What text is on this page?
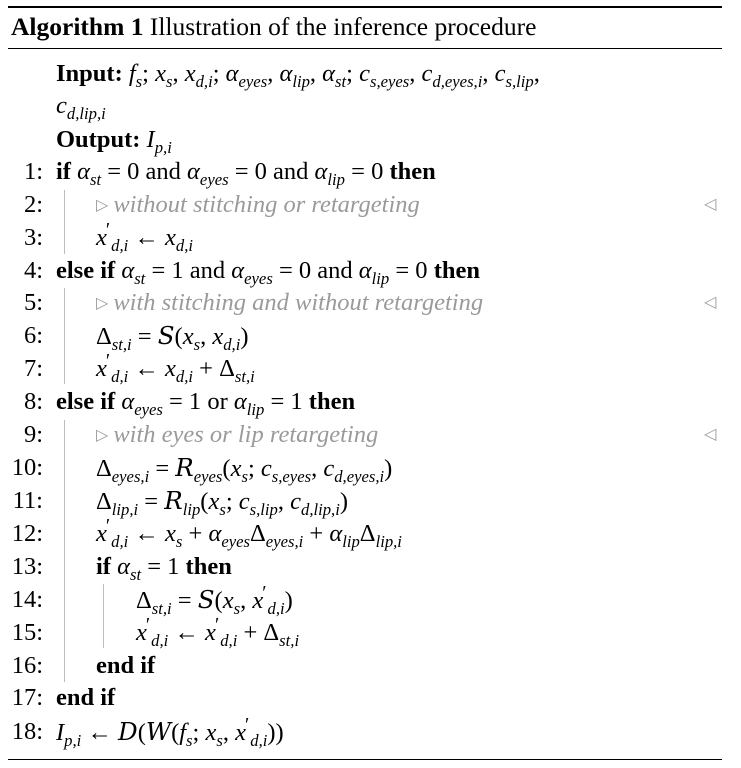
Algorithm 1 Illustration of the inference procedure
Input: $f_s$; $x_s$, $x_{d,i}$; $\alpha_{eyes}$, $\alpha_{lip}$, $\alpha_{st}$; $c_{s,eyes}$, $c_{d,eyes,i}$, $c_{s,lip}$,
$c_{d,lip,i}$
Output: $I_{p,i}$
1: if $\alpha_{st} = 0$ and $\alpha_{eyes} = 0$ and $\alpha_{lip} = 0$ then
2:	▷ without stitching or retargeting	◁
3: $x'_{d,i}$ ← $x_{d,i}$
4: else if $\alpha_{st} = 1$ and $\alpha_{eyes} = 0$ and $\alpha_{lip} = 0$ then
5:	▷ with stitching and without retargeting	◁
6: $\Delta_{st,i} = S(x_s$, $x_{d,i}$)
7: $x'_{d,i}$ ← $x_{d,i} + \Delta_{st,i}$
8: else if $\alpha_{eyes} = 1$ or $\alpha_{lip} = 1$ then
9:	▷ with eyes or lip retargeting	◁
10: $\Delta_{eyes,i} = R_{eyes}(x_s$; $c_{s,eyes}$, $c_{d,eyes,i}$)
11: $\Delta_{lip,i} = R_{lip}(x_s$; $c_{s,lip}$, $c_{d,lip,i}$)
12: $x'_{d,i}$ ← $x_s + \alpha_{eyes}\Delta_{eyes,i} + \alpha_{lip}\Delta_{lip,i}$
13: if $\alpha_{st} = 1$ then
14:	$\Delta_{st,i} = S(x_s$, $x'_{d,i}$)
15:	$x'_{d,i}$ ← $x'_{d,i} + \Delta_{st,i}$
16: end if
17: end if
18: $I_{p,i}$ ← $D(W(f_s$; $x_s$, $x'_{d,i}$))
